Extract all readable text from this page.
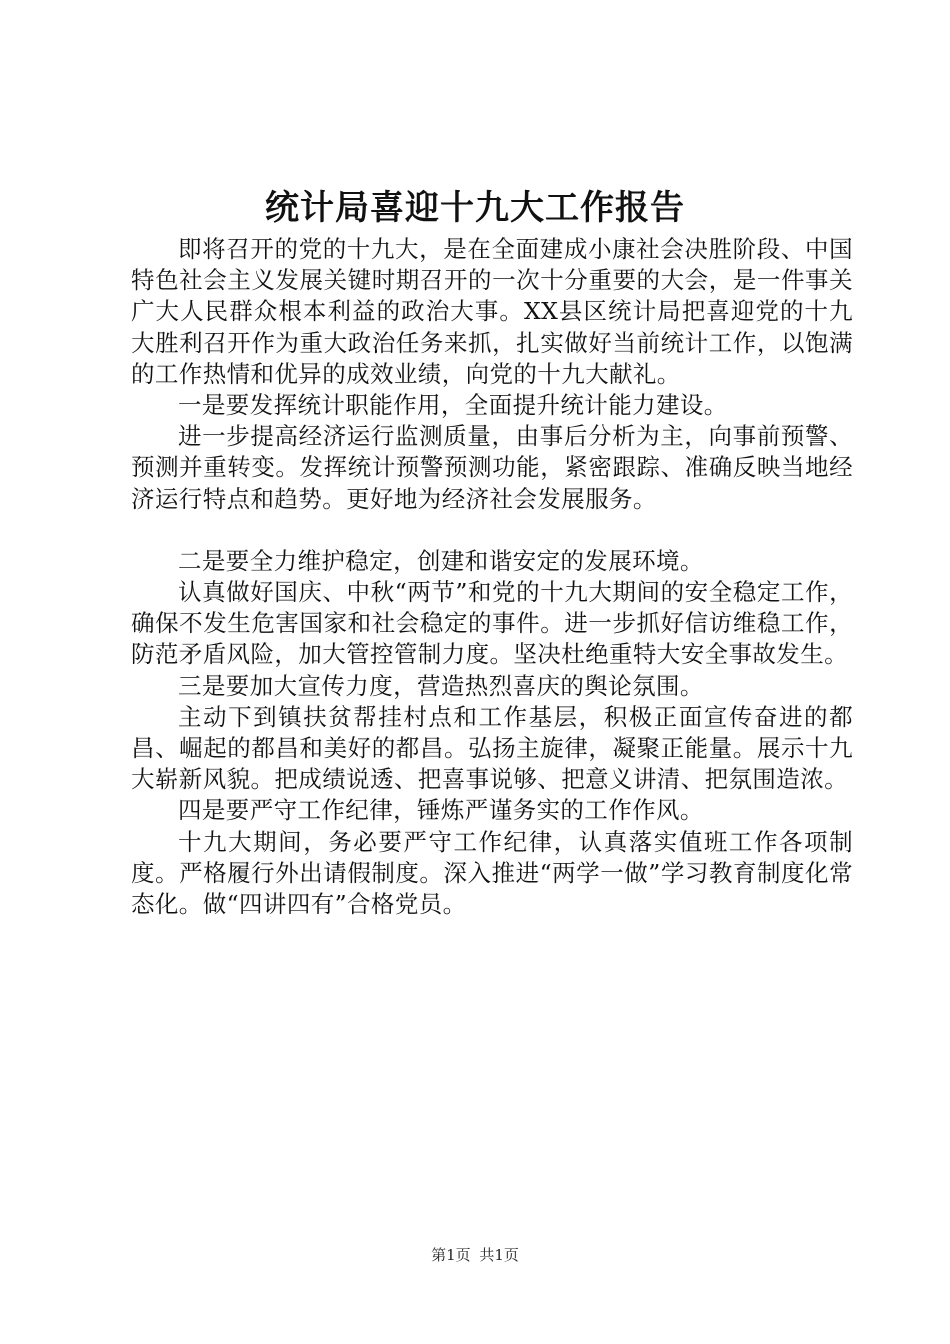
统计局喜迎十九大工作报告

即将召开的党的十九大，是在全面建成小康社会决胜阶段、中国特色社会主义发展关键时期召开的一次十分重要的大会，是一件事关广大人民群众根本利益的政治大事。XX县区统计局把喜迎党的十九大胜利召开作为重大政治任务来抓，扎实做好当前统计工作，以饱满的工作热情和优异的成效业绩，向党的十九大献礼。

一是要发挥统计职能作用，全面提升统计能力建设。

进一步提高经济运行监测质量，由事后分析为主，向事前预警、预测并重转变。发挥统计预警预测功能，紧密跟踪、准确反映当地经济运行特点和趋势。更好地为经济社会发展服务。

二是要全力维护稳定，创建和谐安定的发展环境。

认真做好国庆、中秋“两节”和党的十九大期间的安全稳定工作，确保不发生危害国家和社会稳定的事件。进一步抓好信访维稳工作，防范矛盾风险，加大管控管制力度。坚决杜绝重特大安全事故发生。

三是要加大宣传力度，营造热烈喜庆的舆论氛围。

主动下到镇扶贫帮挂村点和工作基层，积极正面宣传奋进的都昌、崛起的都昌和美好的都昌。弘扬主旋律，凝聚正能量。展示十九大崭新风貌。把成绩说透、把喜事说够、把意义讲清、把氛围造浓。

四是要严守工作纪律，锤炼严谨务实的工作作风。

十九大期间，务必要严守工作纪律，认真落实值班工作各项制度。严格履行外出请假制度。深入推进“两学一做”学习教育制度化常态化。做“四讲四有”合格党员。

第1页 共1页
